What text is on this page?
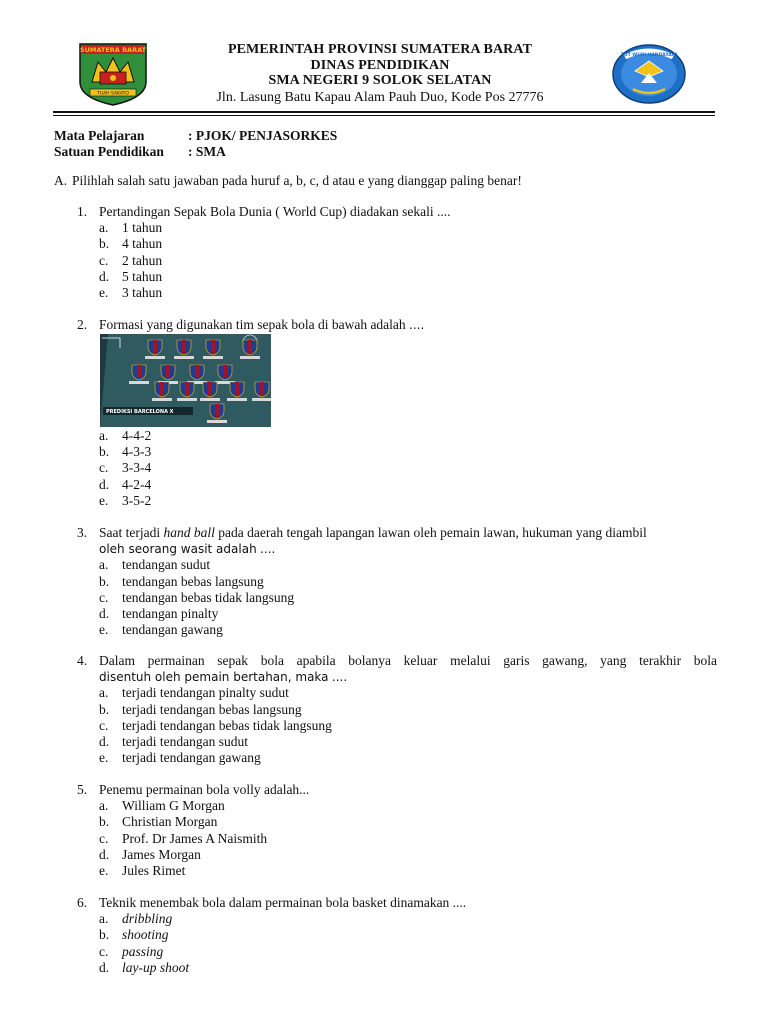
SUMATERA BARAT
TUAH SAKATO
PEMERINTAH PROVINSI SUMATERA BARAT
DINAS PENDIDIKAN
SMA NEGERI 9 SOLOK SELATAN
Jln. Lasung Batu Kapau Alam Pauh Duo, Kode Pos 27776
TUT WURI HANDAYANI
Mata Pelajaran	: PJOK/ PENJASORKES
Satuan Pendidikan	: SMA
A. Pilihlah salah satu jawaban pada huruf a, b, c, d atau e yang dianggap paling benar!
1. Pertandingan Sepak Bola Dunia ( World Cup) diadakan sekali ....
a.	1 tahun
b. 4 tahun
c.	2 tahun
d. 5 tahun
e.	3 tahun
2. Formasi yang digunakan tim sepak bola di bawah adalah ....
PREDIKSI BARCELONA X
a.	4-4-2
b. 4-3-3
c.	3-3-4
d. 4-2-4
e.	3-5-2
3. Saat terjadi hand ball pada daerah tengah lapangan lawan oleh pemain lawan, hukuman yang diambil
oleh seorang wasit adalah ....
a.	tendangan sudut
b. tendangan bebas langsung
c.	tendangan bebas tidak langsung
d. tendangan pinalty
e.	tendangan gawang
4. Dalam permainan sepak bola apabila bolanya keluar melalui garis gawang, yang terakhir bola
disentuh oleh pemain bertahan, maka ....
a.	terjadi tendangan pinalty sudut
b. terjadi tendangan bebas langsung
c.	terjadi tendangan bebas tidak langsung
d. terjadi tendangan sudut
e.	terjadi tendangan gawang
5. Penemu permainan bola volly adalah...
a.	William G Morgan
b. Christian Morgan
c.	Prof. Dr James A Naismith
d. James Morgan
e.	Jules Rimet
6. Teknik menembak bola dalam permainan bola basket dinamakan ....
a.	dribbling
b. shooting
c.	passing
d. lay-up shoot
